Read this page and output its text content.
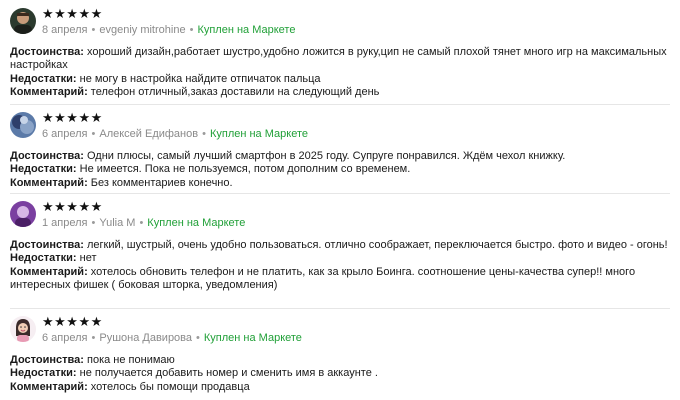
★★★★★
8 апреля • evgeniy mitrohine • Куплен на Маркете
Достоинства: хороший дизайн,работает шустро,удобно ложится в руку,цип не самый плохой тянет много игр на максимальных настройках
Недостатки: не могу в настройка найдите отпичаток пальца
Комментарий: телефон отличный,заказ доставили на следующий день
★★★★★
6 апреля • Алексей Едифанов • Куплен на Маркете
Достоинства: Одни плюсы, самый лучший смартфон в 2025 году. Супруге понравился. Ждём чехол книжку.
Недостатки: Не имеется. Пока не пользуемся, потом дополним со временем.
Комментарий: Без комментариев конечно.
★★★★★
1 апреля • Yulia M • Куплен на Маркете
Достоинства: легкий, шустрый, очень удобно пользоваться. отлично соображает, переключается быстро. фото и видео - огонь!
Недостатки: нет
Комментарий: хотелось обновить телефон и не платить, как за крыло Боинга. соотношение цены-качества супер!! много интересных фишек ( боковая шторка, уведомления)
★★★★★
6 апреля • Рушона Давирова • Куплен на Маркете
Достоинства: пока не понимаю
Недостатки: не получается добавить номер и сменить имя в аккаунте .
Комментарий: хотелось бы помощи продавца
